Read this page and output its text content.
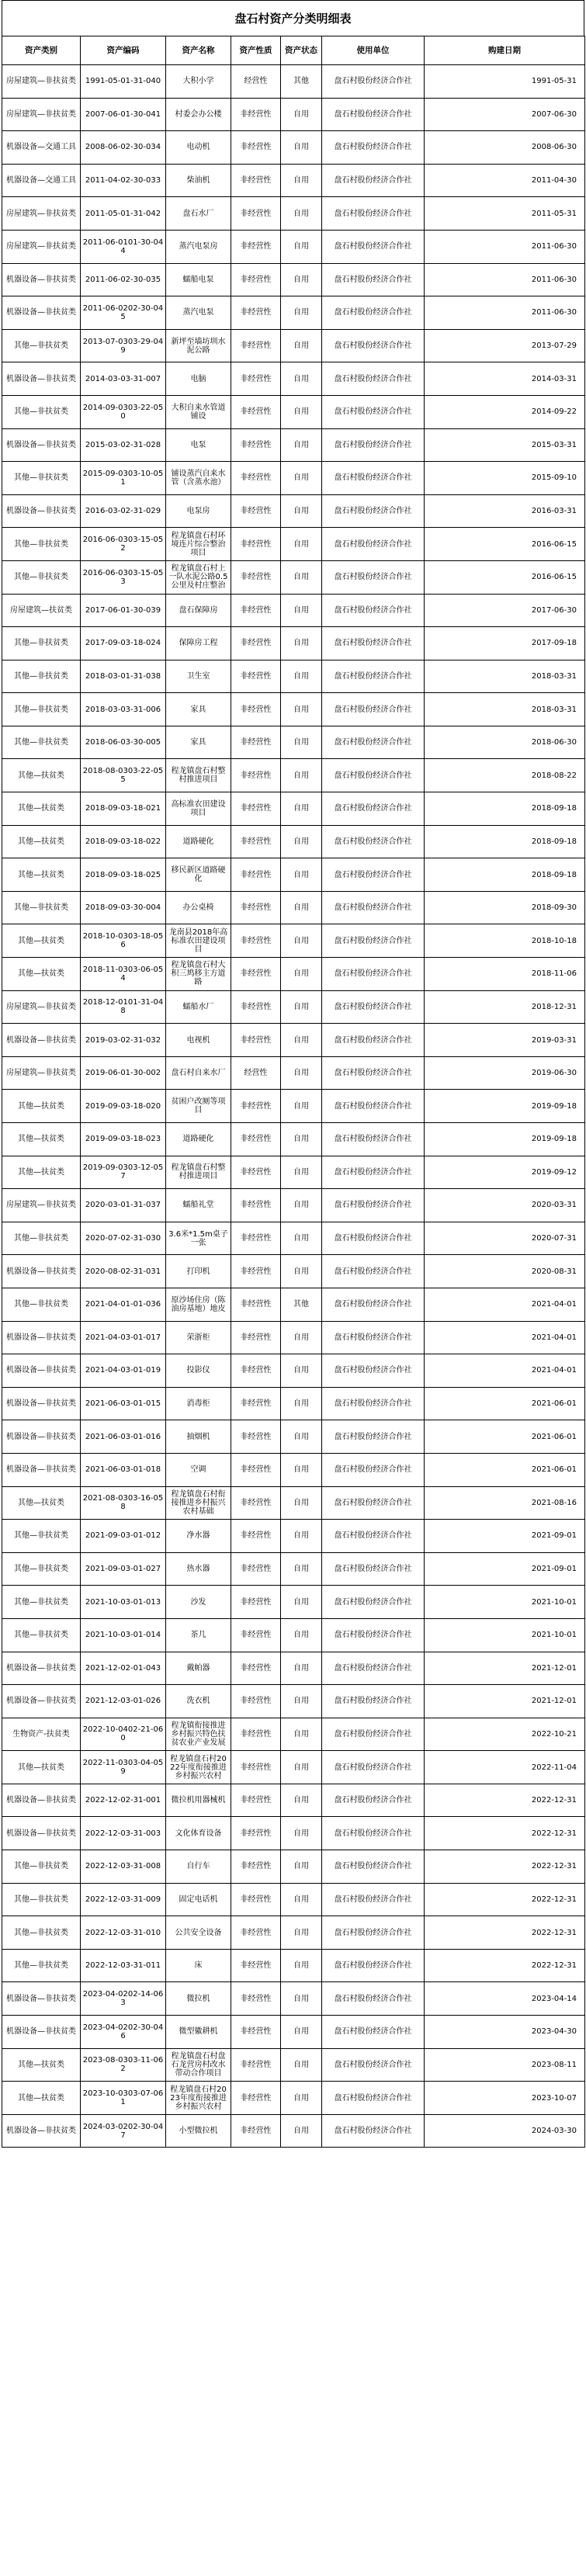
盘石村资产分类明细表
资产类别	资产编码	资产名称	资产性质	资产状态	使用单位	购建日期
房屋建筑—非扶贫类	1991-05-01-31-040	大积小学	经营性	其他	盘石村股份经济合作社	1991-05-31
房屋建筑—非扶贫类	2007-06-01-30-041	村委会办公楼	非经营性	自用	盘石村股份经济合作社	2007-06-30
机器设备—交通工具	2008-06-02-30-034	电动机	非经营性	自用	盘石村股份经济合作社	2008-06-30
机器设备—交通工具	2011-04-02-30-033	柴油机	非经营性	自用	盘石村股份经济合作社	2011-04-30
房屋建筑—非扶贫类	2011-05-01-31-042	盘石水厂	非经营性	自用	盘石村股份经济合作社	2011-05-31
房屋建筑—非扶贫类	2011-06-0101-30-044	蒸汽电泵房	非经营性	自用	盘石村股份经济合作社	2011-06-30
机器设备—非扶贫类	2011-06-02-30-035	蠕船电泵	非经营性	自用	盘石村股份经济合作社	2011-06-30
机器设备—非扶贫类	2011-06-0202-30-045	蒸汽电泵	非经营性	自用	盘石村股份经济合作社	2011-06-30
其他—非扶贫类	2013-07-0303-29-049	新坪至墙坊圳水泥公路	非经营性	自用	盘石村股份经济合作社	2013-07-29
机器设备—非扶贫类	2014-03-03-31-007	电脑	非经营性	自用	盘石村股份经济合作社	2014-03-31
其他—非扶贫类	2014-09-0303-22-050	大积自来水管道铺设	非经营性	自用	盘石村股份经济合作社	2014-09-22
机器设备—非扶贫类	2015-03-02-31-028	电泵	非经营性	自用	盘石村股份经济合作社	2015-03-31
其他—非扶贫类	2015-09-0303-10-051	铺设蒸汽自来水管（含蒸水池）	非经营性	自用	盘石村股份经济合作社	2015-09-10
机器设备—非扶贫类	2016-03-02-31-029	电泵房	非经营性	自用	盘石村股份经济合作社	2016-03-31
其他—非扶贫类	2016-06-0303-15-052	程龙镇盘石村环境连片综合整治项目	非经营性	自用	盘石村股份经济合作社	2016-06-15
其他—非扶贫类	2016-06-0303-15-053	程龙镇盘石村上一队水泥公路0.5公里及村庄整治	非经营性	自用	盘石村股份经济合作社	2016-06-15
房屋建筑—扶贫类	2017-06-01-30-039	盘石保障房	非经营性	自用	盘石村股份经济合作社	2017-06-30
其他—非扶贫类	2017-09-03-18-024	保障房工程	非经营性	自用	盘石村股份经济合作社	2017-09-18
其他—非扶贫类	2018-03-01-31-038	卫生室	非经营性	自用	盘石村股份经济合作社	2018-03-31
其他—非扶贫类	2018-03-03-31-006	家具	非经营性	自用	盘石村股份经济合作社	2018-03-31
其他—非扶贫类	2018-06-03-30-005	家具	非经营性	自用	盘石村股份经济合作社	2018-06-30
其他—扶贫类	2018-08-0303-22-055	程龙镇盘石村整村推进项目	非经营性	自用	盘石村股份经济合作社	2018-08-22
其他—扶贫类	2018-09-03-18-021	高标准农田建设项目	非经营性	自用	盘石村股份经济合作社	2018-09-18
其他—扶贫类	2018-09-03-18-022	道路硬化	非经营性	自用	盘石村股份经济合作社	2018-09-18
其他—扶贫类	2018-09-03-18-025	移民新区道路硬化	非经营性	自用	盘石村股份经济合作社	2018-09-18
其他—非扶贫类	2018-09-03-30-004	办公桌椅	非经营性	自用	盘石村股份经济合作社	2018-09-30
其他—扶贫类	2018-10-0303-18-056	龙南县2018年高标准农田建设项目	非经营性	自用	盘石村股份经济合作社	2018-10-18
其他—扶贫类	2018-11-0303-06-054	程龙镇盘石村大积三鸠移主方道路	非经营性	自用	盘石村股份经济合作社	2018-11-06
房屋建筑—非扶贫类	2018-12-0101-31-048	蠕船水厂	非经营性	自用	盘石村股份经济合作社	2018-12-31
机器设备—非扶贫类	2019-03-02-31-032	电视机	非经营性	自用	盘石村股份经济合作社	2019-03-31
房屋建筑—非扶贫类	2019-06-01-30-002	盘石村自来水厂	经营性	自用	盘石村股份经济合作社	2019-06-30
其他—扶贫类	2019-09-03-18-020	贫困户改厕等项目	非经营性	自用	盘石村股份经济合作社	2019-09-18
其他—扶贫类	2019-09-03-18-023	道路硬化	非经营性	自用	盘石村股份经济合作社	2019-09-18
其他—扶贫类	2019-09-0303-12-057	程龙镇盘石村整村推进项目	非经营性	自用	盘石村股份经济合作社	2019-09-12
房屋建筑—非扶贫类	2020-03-01-31-037	蠕船礼堂	非经营性	自用	盘石村股份经济合作社	2020-03-31
其他—非扶贫类	2020-07-02-31-030	3.6米*1.5m桌子一张	非经营性	自用	盘石村股份经济合作社	2020-07-31
机器设备—非扶贫类	2020-08-02-31-031	打印机	非经营性	自用	盘石村股份经济合作社	2020-08-31
其他—非扶贫类	2021-04-01-01-036	原沙场住房（陈油房基地）地皮	非经营性	其他	盘石村股份经济合作社	2021-04-01
机器设备—非扶贫类	2021-04-03-01-017	荣浙柜	非经营性	自用	盘石村股份经济合作社	2021-04-01
机器设备—非扶贫类	2021-04-03-01-019	投影仪	非经营性	自用	盘石村股份经济合作社	2021-04-01
机器设备—非扶贫类	2021-06-03-01-015	消毒柜	非经营性	自用	盘石村股份经济合作社	2021-06-01
机器设备—非扶贫类	2021-06-03-01-016	抽烟机	非经营性	自用	盘石村股份经济合作社	2021-06-01
机器设备—非扶贫类	2021-06-03-01-018	空调	非经营性	自用	盘石村股份经济合作社	2021-06-01
其他—扶贫类	2021-08-0303-16-058	程龙镇盘石村衔接推进乡村振兴农村基础	非经营性	自用	盘石村股份经济合作社	2021-08-16
其他—非扶贫类	2021-09-03-01-012	净水器	非经营性	自用	盘石村股份经济合作社	2021-09-01
其他—非扶贫类	2021-09-03-01-027	热水器	非经营性	自用	盘石村股份经济合作社	2021-09-01
其他—非扶贫类	2021-10-03-01-013	沙发	非经营性	自用	盘石村股份经济合作社	2021-10-01
其他—非扶贫类	2021-10-03-01-014	茶几	非经营性	自用	盘石村股份经济合作社	2021-10-01
机器设备—非扶贫类	2021-12-02-01-043	戴帕器	非经营性	自用	盘石村股份经济合作社	2021-12-01
机器设备—非扶贫类	2021-12-03-01-026	洗衣机	非经营性	自用	盘石村股份经济合作社	2021-12-01
生物资产-扶贫类	2022-10-0402-21-060	程龙镇衔接推进乡村振兴特色扶贫农业产业发展	非经营性	自用	盘石村股份经济合作社	2022-10-21
其他—扶贫类	2022-11-0303-04-059	程龙镇盘石村2022年度衔接推进乡村振兴农村	非经营性	自用	盘石村股份经济合作社	2022-11-04
机器设备—非扶贫类	2022-12-02-31-001	微拉机用器械机	非经营性	自用	盘石村股份经济合作社	2022-12-31
机器设备—非扶贫类	2022-12-03-31-003	文化体育设备	非经营性	自用	盘石村股份经济合作社	2022-12-31
其他—非扶贫类	2022-12-03-31-008	自行车	非经营性	自用	盘石村股份经济合作社	2022-12-31
其他—非扶贫类	2022-12-03-31-009	固定电话机	非经营性	自用	盘石村股份经济合作社	2022-12-31
其他—非扶贫类	2022-12-03-31-010	公共安全设备	非经营性	自用	盘石村股份经济合作社	2022-12-31
其他—非扶贫类	2022-12-03-31-011	床	非经营性	自用	盘石村股份经济合作社	2022-12-31
机器设备—非扶贫类	2023-04-0202-14-063	微拉机	非经营性	自用	盘石村股份经济合作社	2023-04-14
机器设备—非扶贫类	2023-04-0202-30-046	微型徽耕机	非经营性	自用	盘石村股份经济合作社	2023-04-30
其他—扶贫类	2023-08-0303-11-062	程龙镇盘石村盘石龙营房村改水带动合作项目	非经营性	自用	盘石村股份经济合作社	2023-08-11
其他—扶贫类	2023-10-0303-07-061	程龙镇盘石村2023年度衔接推进乡村振兴农村	非经营性	自用	盘石村股份经济合作社	2023-10-07
机器设备—非扶贫类	2024-03-0202-30-047	小型微拉机	非经营性	自用	盘石村股份经济合作社	2024-03-30
